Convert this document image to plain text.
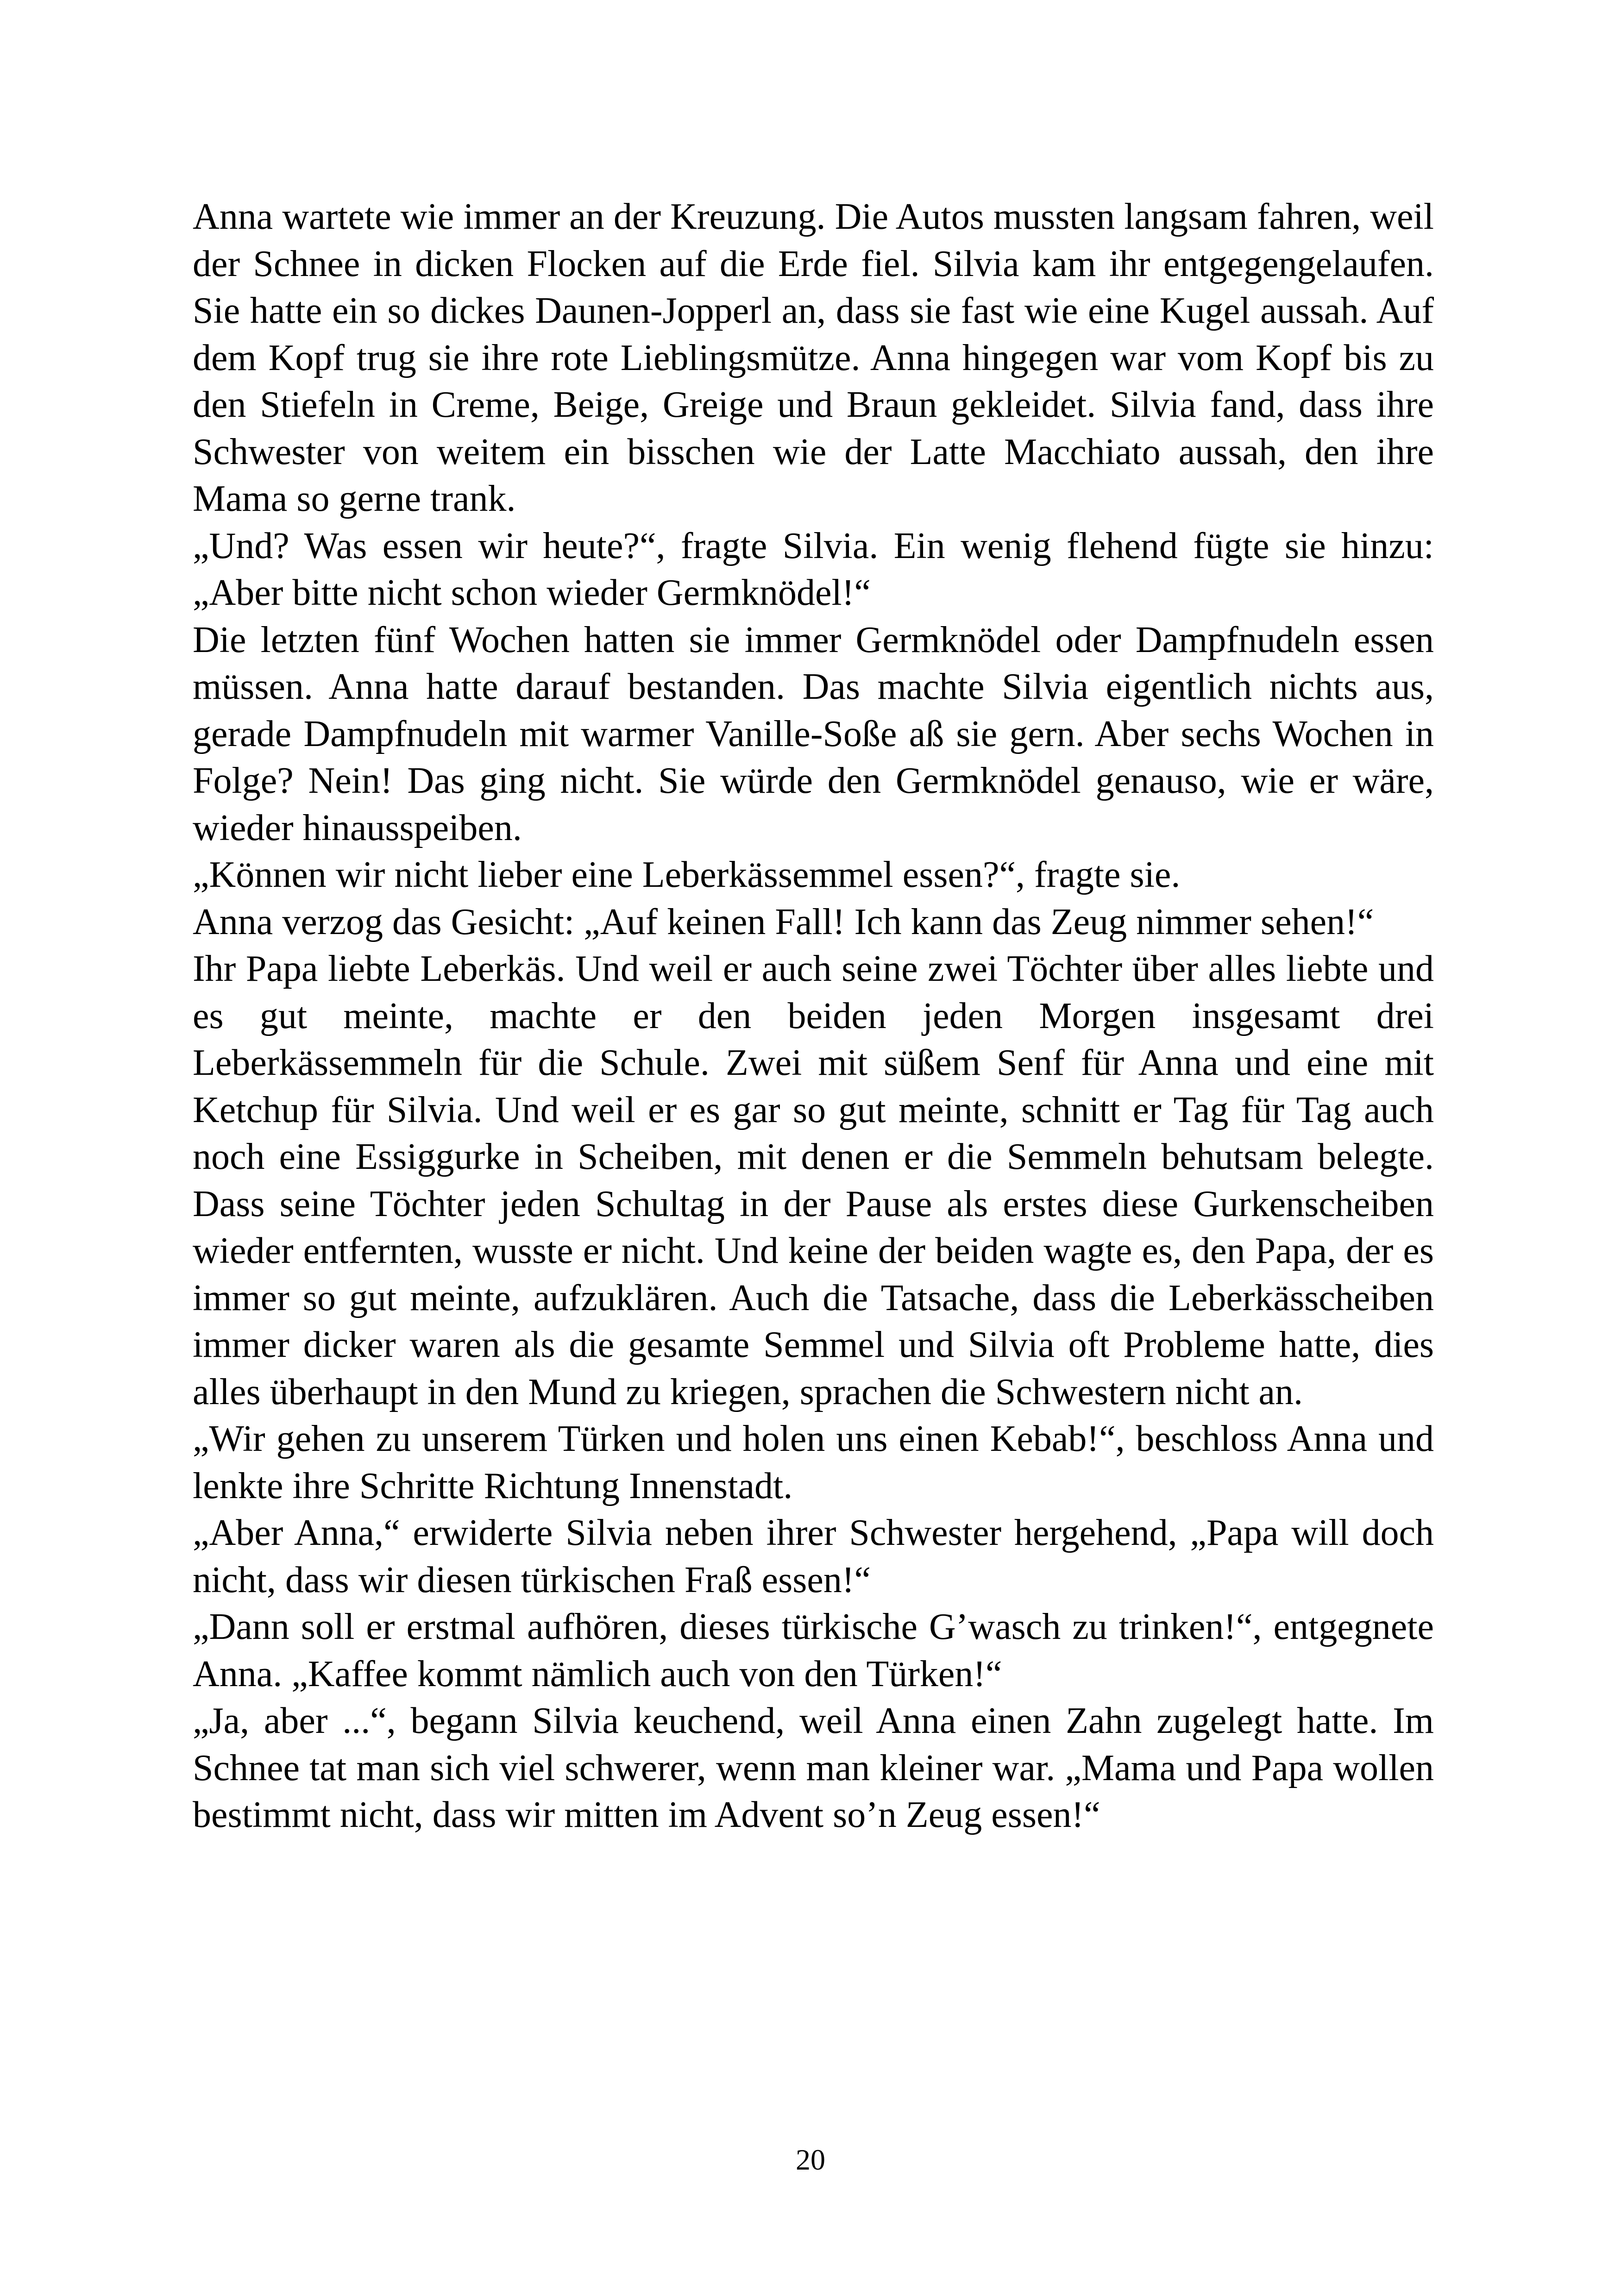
Anna wartete wie immer an der Kreuzung. Die Autos mussten langsam fahren, weil der Schnee in dicken Flocken auf die Erde fiel. Silvia kam ihr entgegengelaufen. Sie hatte ein so dickes Daunen-Jopperl an, dass sie fast wie eine Kugel aussah. Auf dem Kopf trug sie ihre rote Lieblingsmütze. Anna hingegen war vom Kopf bis zu den Stiefeln in Creme, Beige, Greige und Braun gekleidet. Silvia fand, dass ihre Schwester von weitem ein bisschen wie der Latte Macchiato aussah, den ihre Mama so gerne trank.

„Und? Was essen wir heute?“, fragte Silvia. Ein wenig flehend fügte sie hinzu: „Aber bitte nicht schon wieder Germknödel!“

Die letzten fünf Wochen hatten sie immer Germknödel oder Dampfnudeln essen müssen. Anna hatte darauf bestanden. Das machte Silvia eigentlich nichts aus, gerade Dampfnudeln mit warmer Vanille-Soße aß sie gern. Aber sechs Wochen in Folge? Nein! Das ging nicht. Sie würde den Germknödel genauso, wie er wäre, wieder hinausspeiben.

„Können wir nicht lieber eine Leberkässemmel essen?“, fragte sie.

Anna verzog das Gesicht: „Auf keinen Fall! Ich kann das Zeug nimmer sehen!“

Ihr Papa liebte Leberkäs. Und weil er auch seine zwei Töchter über alles liebte und es gut meinte, machte er den beiden jeden Morgen insgesamt drei Leberkässemmeln für die Schule. Zwei mit süßem Senf für Anna und eine mit Ketchup für Silvia. Und weil er es gar so gut meinte, schnitt er Tag für Tag auch noch eine Essiggurke in Scheiben, mit denen er die Semmeln behutsam belegte. Dass seine Töchter jeden Schultag in der Pause als erstes diese Gurkenscheiben wieder entfernten, wusste er nicht. Und keine der beiden wagte es, den Papa, der es immer so gut meinte, aufzuklären. Auch die Tatsache, dass die Leberkässcheiben immer dicker waren als die gesamte Semmel und Silvia oft Probleme hatte, dies alles überhaupt in den Mund zu kriegen, sprachen die Schwestern nicht an.

„Wir gehen zu unserem Türken und holen uns einen Kebab!“, beschloss Anna und lenkte ihre Schritte Richtung Innenstadt.

„Aber Anna,“ erwiderte Silvia neben ihrer Schwester hergehend, „Papa will doch nicht, dass wir diesen türkischen Fraß essen!“

„Dann soll er erstmal aufhören, dieses türkische G’wasch zu trinken!“, entgegnete Anna. „Kaffee kommt nämlich auch von den Türken!“

„Ja, aber ...“, begann Silvia keuchend, weil Anna einen Zahn zugelegt hatte. Im Schnee tat man sich viel schwerer, wenn man kleiner war. „Mama und Papa wollen bestimmt nicht, dass wir mitten im Advent so’n Zeug essen!“

20
